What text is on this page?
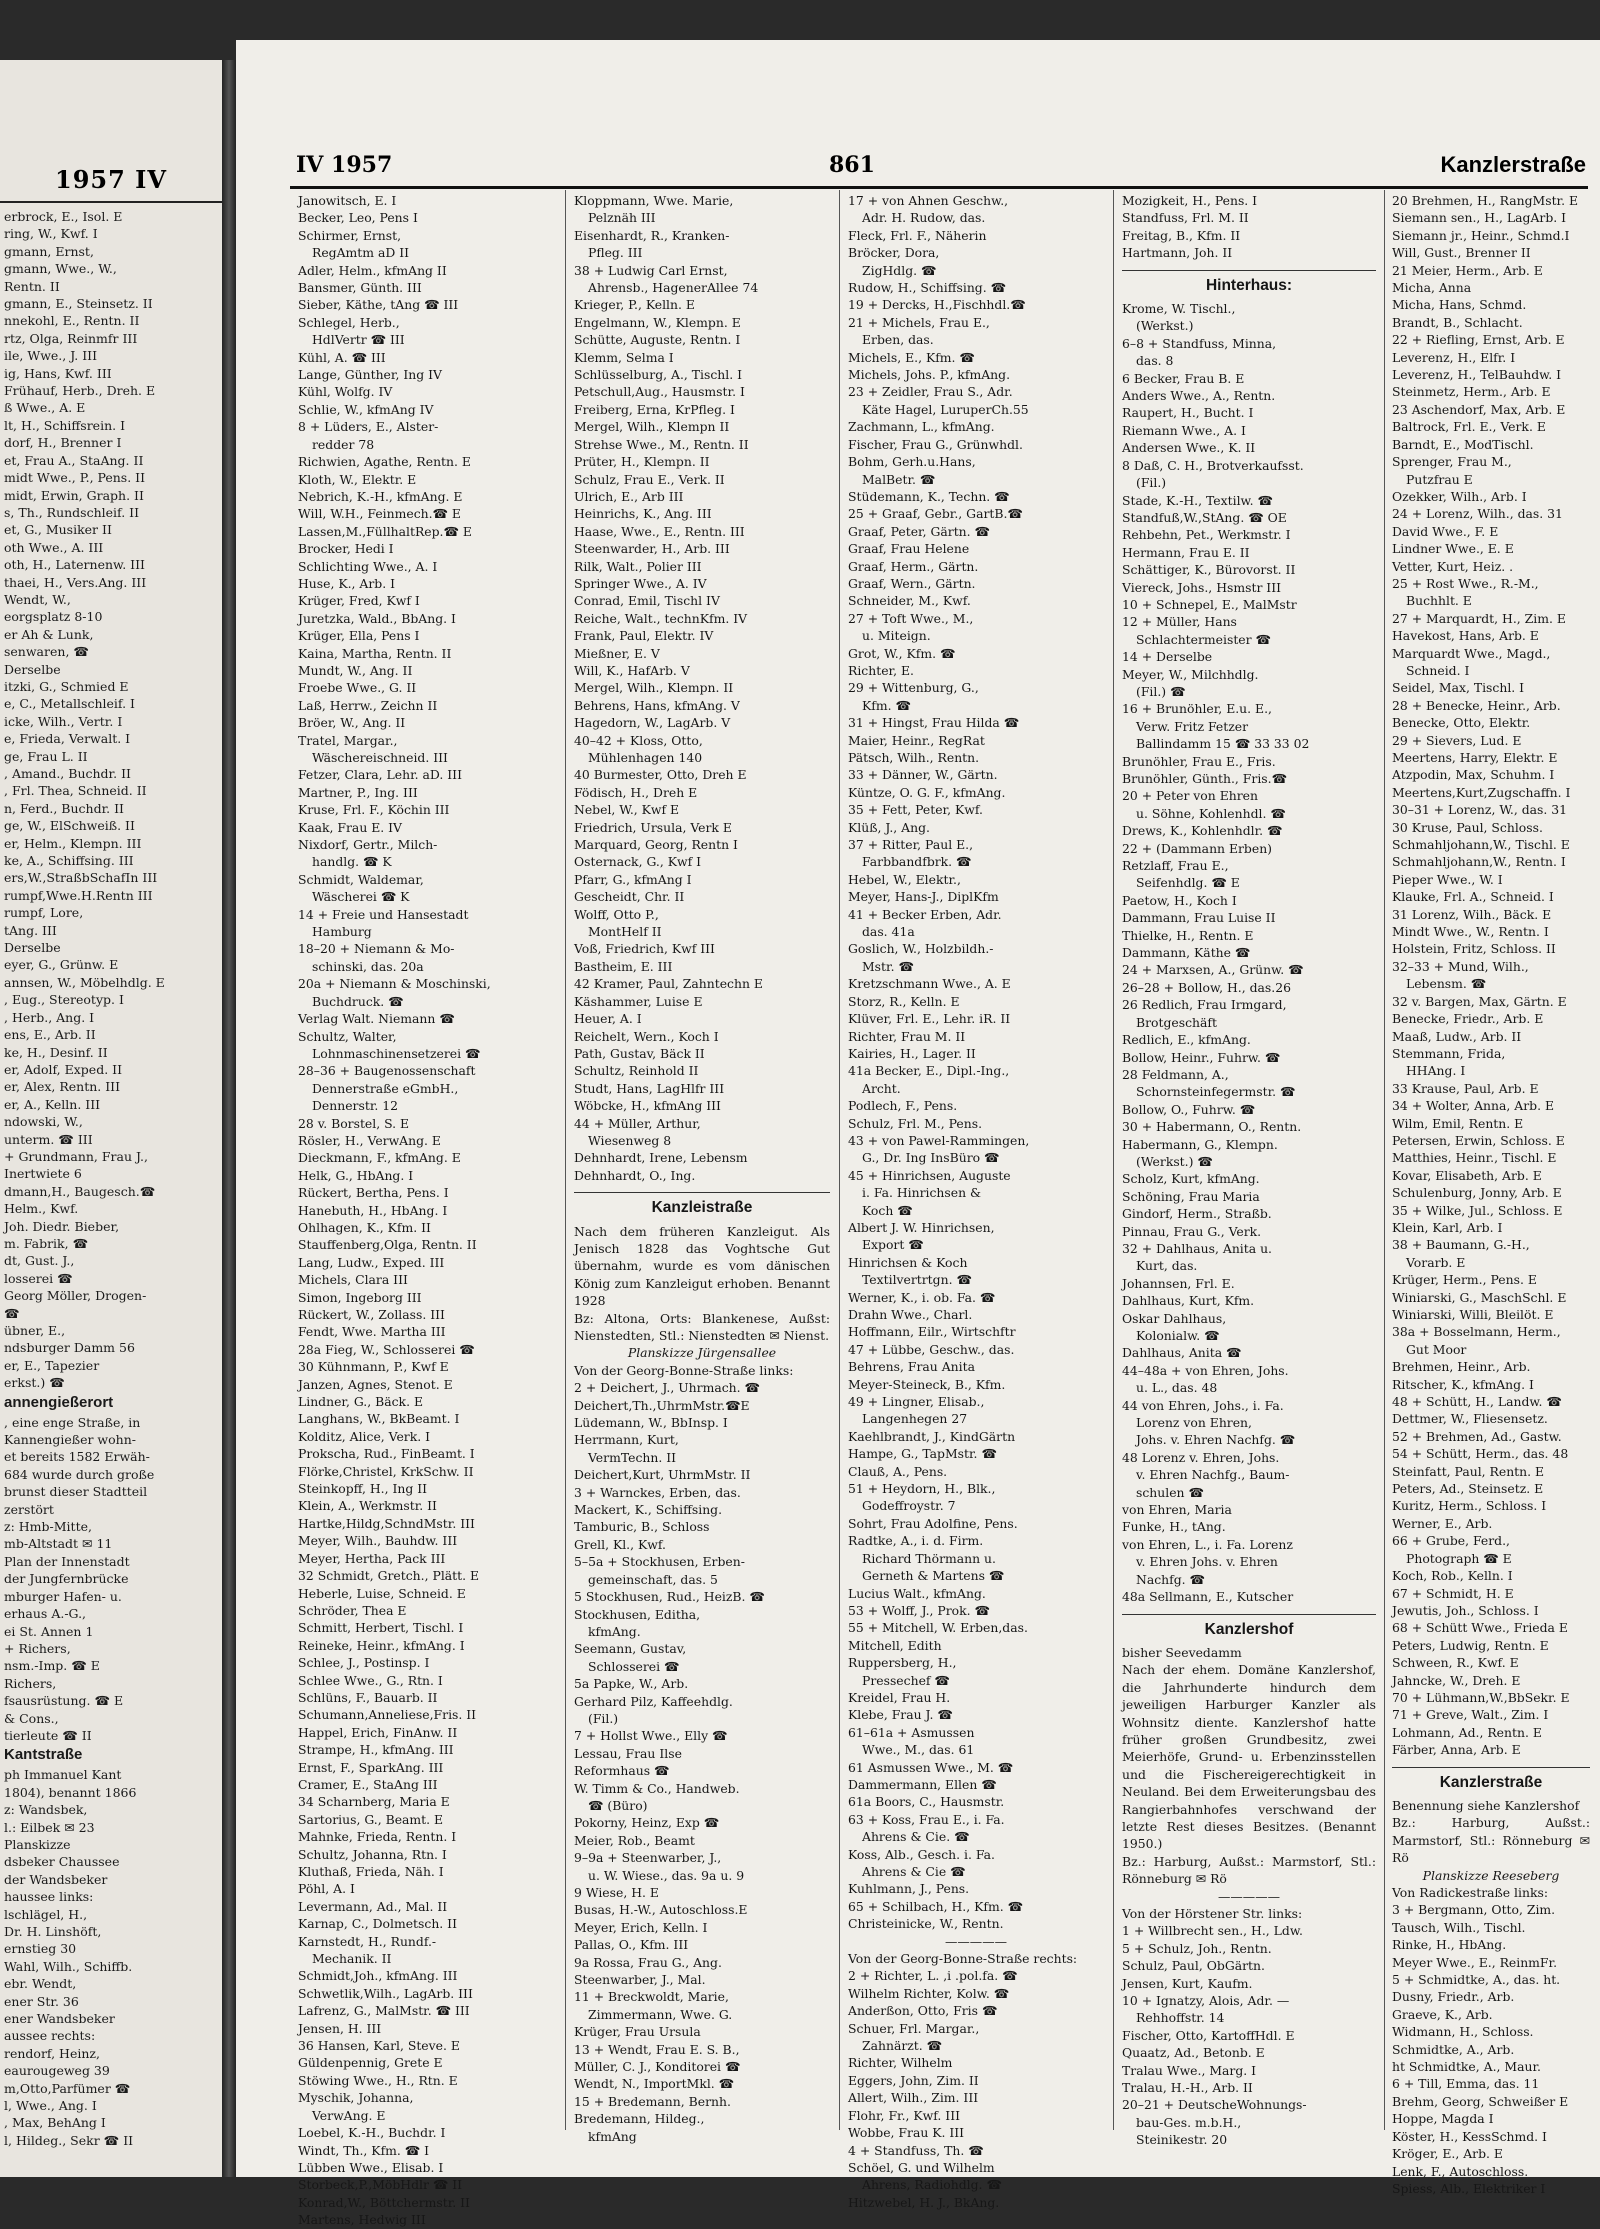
1957 IV
erbrock, E., Isol. E
ring, W., Kwf. I
gmann, Ernst,
gmann, Wwe., W.,
Rentn. II
gmann, E., Steinsetz. II
nnekohl, E., Rentn. II
rtz, Olga, Reinmfr III
ile, Wwe., J. III
ig, Hans, Kwf. III
Frühauf, Herb., Dreh. E
ß Wwe., A. E
lt, H., Schiffsrein. I
dorf, H., Brenner I
et, Frau A., StaAng. II
midt Wwe., P., Pens. II
midt, Erwin, Graph. II
s, Th., Rundschleif. II
et, G., Musiker II
oth Wwe., A. III
oth, H., Laternenw. III
thaei, H., Vers.Ang. III
Wendt, W.,
eorgsplatz 8-10
er Ah & Lunk,
senwaren, ☎
Derselbe
itzki, G., Schmied E
e, C., Metallschleif. I
icke, Wilh., Vertr. I
e, Frieda, Verwalt. I
ge, Frau L. II
, Amand., Buchdr. II
, Frl. Thea, Schneid. II
n, Ferd., Buchdr. II
ge, W., ElSchweiß. II
er, Helm., Klempn. III
ke, A., Schiffsing. III
ers,W.,StraßbSchafIn III
rumpf,Wwe.H.Rentn III
rumpf, Lore,
tAng. III
Derselbe
eyer, G., Grünw. E
annsen, W., Möbelhdlg. E
, Eug., Stereotyp. I
, Herb., Ang. I
ens, E., Arb. II
ke, H., Desinf. II
er, Adolf, Exped. II
er, Alex, Rentn. III
er, A., Kelln. III
ndowski, W.,
unterm. ☎ III
+ Grundmann, Frau J.,
Inertwiete 6
dmann,H., Baugesch.☎
Helm., Kwf.
Joh. Diedr. Bieber,
m. Fabrik, ☎
dt, Gust. J.,
losserei ☎
Georg Möller, Drogen-
☎
übner, E.,
ndsburger Damm 56
er, E., Tapezier
erkst.) ☎
annengießerort
, eine enge Straße, in
Kannengießer wohn-
et bereits 1582 Erwäh-
684 wurde durch große
brunst dieser Stadtteil
zerstört
z: Hmb-Mitte,
mb-Altstadt ✉ 11
Plan der Innenstadt
der Jungfernbrücke
mburger Hafen- u.
erhaus A.-G.,
ei St. Annen 1
+ Richers,
nsm.-Imp. ☎ E
Richers,
fsausrüstung. ☎ E
& Cons.,
tierleute ☎ II
Kantstraße
ph Immanuel Kant
1804), benannt 1866
z: Wandsbek,
l.: Eilbek ✉ 23
Planskizze
dsbeker Chaussee
der Wandsbeker
haussee links:
lschlägel, H.,
Dr. H. Linshöft,
ernstieg 30
Wahl, Wilh., Schiffb.
ebr. Wendt,
ener Str. 36
ener Wandsbeker
aussee rechts:
rendorf, Heinz,
eaurougeweg 39
m,Otto,Parfümer ☎
l, Wwe., Ang. I
, Max, BehAng I
l, Hildeg., Sekr ☎ II
IV 1957	861	Kanzlerstraße
Janowitsch, E. I
Becker, Leo, Pens I
Schirmer, Ernst,
RegAmtm aD II
Adler, Helm., kfmAng II
Bansmer, Günth. III
Sieber, Käthe, tAng ☎ III
Schlegel, Herb.,
HdlVertr ☎ III
Kühl, A. ☎ III
Lange, Günther, Ing IV
Kühl, Wolfg. IV
Schlie, W., kfmAng IV
8 + Lüders, E., Alster-
redder 78
Richwien, Agathe, Rentn. E
Kloth, W., Elektr. E
Nebrich, K.-H., kfmAng. E
Will, W.H., Feinmech.☎ E
Lassen,M.,FüllhaltRep.☎ E
Brocker, Hedi I
Schlichting Wwe., A. I
Huse, K., Arb. I
Krüger, Fred, Kwf I
Juretzka, Wald., BbAng. I
Krüger, Ella, Pens I
Kaina, Martha, Rentn. II
Mundt, W., Ang. II
Froebe Wwe., G. II
Laß, Herrw., Zeichn II
Bröer, W., Ang. II
Tratel, Margar.,
Wäschereischneid. III
Fetzer, Clara, Lehr. aD. III
Martner, P., Ing. III
Kruse, Frl. F., Köchin III
Kaak, Frau E. IV
Nixdorf, Gertr., Milch-
handlg. ☎ K
Schmidt, Waldemar,
Wäscherei ☎ K
14 + Freie und Hansestadt
Hamburg
18–20 + Niemann & Mo-
schinski, das. 20a
20a + Niemann & Moschinski,
Buchdruck. ☎
Verlag Walt. Niemann ☎
Schultz, Walter,
Lohnmaschinensetzerei ☎
28–36 + Baugenossenschaft
Dennerstraße eGmbH.,
Dennerstr. 12
28 v. Borstel, S. E
Rösler, H., VerwAng. E
Dieckmann, F., kfmAng. E
Helk, G., HbAng. I
Rückert, Bertha, Pens. I
Hanebuth, H., HbAng. I
Ohlhagen, K., Kfm. II
Stauffenberg,Olga, Rentn. II
Lang, Ludw., Exped. III
Michels, Clara III
Simon, Ingeborg III
Rückert, W., Zollass. III
Fendt, Wwe. Martha III
28a Fieg, W., Schlosserei ☎
30 Kühnmann, P., Kwf E
Janzen, Agnes, Stenot. E
Lindner, G., Bäck. E
Langhans, W., BkBeamt. I
Kolditz, Alice, Verk. I
Prokscha, Rud., FinBeamt. I
Flörke,Christel, KrkSchw. II
Steinkopff, H., Ing II
Klein, A., Werkmstr. II
Hartke,Hildg,SchndMstr. III
Meyer, Wilh., Bauhdw. III
Meyer, Hertha, Pack III
32 Schmidt, Gretch., Plätt. E
Heberle, Luise, Schneid. E
Schröder, Thea E
Schmitt, Herbert, Tischl. I
Reineke, Heinr., kfmAng. I
Schlee, J., Postinsp. I
Schlee Wwe., G., Rtn. I
Schlüns, F., Bauarb. II
Schumann,Anneliese,Fris. II
Happel, Erich, FinAnw. II
Strampe, H., kfmAng. III
Ernst, F., SparkAng. III
Cramer, E., StaAng III
34 Scharnberg, Maria E
Sartorius, G., Beamt. E
Mahnke, Frieda, Rentn. I
Schultz, Johanna, Rtn. I
Kluthaß, Frieda, Näh. I
Pöhl, A. I
Levermann, Ad., Mal. II
Karnap, C., Dolmetsch. II
Karnstedt, H., Rundf.-
Mechanik. II
Schmidt,Joh., kfmAng. III
Schwetlik,Wilh., LagArb. III
Lafrenz, G., MalMstr. ☎ III
Jensen, H. III
36 Hansen, Karl, Steve. E
Güldenpennig, Grete E
Stöwing Wwe., H., Rtn. E
Myschik, Johanna,
VerwAng. E
Loebel, K.-H., Buchdr. I
Windt, Th., Kfm. ☎ I
Lübben Wwe., Elisab. I
Storbeck,P.,MöbHdlr ☎ II
Konrad,W., Böttchermstr. II
Martens, Hedwig III
Kloppmann, Wwe. Marie,
Pelznäh III
Eisenhardt, R., Kranken-
Pfleg. III
38 + Ludwig Carl Ernst,
Ahrensb., HagenerAllee 74
Krieger, P., Kelln. E
Engelmann, W., Klempn. E
Schütte, Auguste, Rentn. I
Klemm, Selma I
Schlüsselburg, A., Tischl. I
Petschull,Aug., Hausmstr. I
Freiberg, Erna, KrPfleg. I
Mergel, Wilh., Klempn II
Strehse Wwe., M., Rentn. II
Prüter, H., Klempn. II
Schulz, Frau E., Verk. II
Ulrich, E., Arb III
Heinrichs, K., Ang. III
Haase, Wwe., E., Rentn. III
Steenwarder, H., Arb. III
Rilk, Walt., Polier III
Springer Wwe., A. IV
Conrad, Emil, Tischl IV
Reiche, Walt., technKfm. IV
Frank, Paul, Elektr. IV
Mießner, E. V
Will, K., HafArb. V
Mergel, Wilh., Klempn. II
Behrens, Hans, kfmAng. V
Hagedorn, W., LagArb. V
40–42 + Kloss, Otto,
Mühlenhagen 140
40 Burmester, Otto, Dreh E
Födisch, H., Dreh E
Nebel, W., Kwf E
Friedrich, Ursula, Verk E
Marquard, Georg, Rentn I
Osternack, G., Kwf I
Pfarr, G., kfmAng I
Gescheidt, Chr. II
Wolff, Otto P.,
MontHelf II
Voß, Friedrich, Kwf III
Bastheim, E. III
42 Kramer, Paul, Zahntechn E
Käshammer, Luise E
Heuer, A. I
Reichelt, Wern., Koch I
Path, Gustav, Bäck II
Schultz, Reinhold II
Studt, Hans, LagHlfr III
Wöbcke, H., kfmAng III
44 + Müller, Arthur,
Wiesenweg 8
Dehnhardt, Irene, Lebensm
Dehnhardt, O., Ing.
Kanzleistraße
Nach dem früheren Kanzleigut. Als Jenisch 1828 das Voghtsche Gut übernahm, wurde es vom dänischen König zum Kanzleigut erhoben. Benannt 1928
Bz: Altona, Orts: Blankenese, Außst: Nienstedten, Stl.: Nienstedten ✉ Nienst.
Planskizze Jürgensallee
Von der Georg-Bonne-Straße links:
2 + Deichert, J., Uhrmach. ☎
Deichert,Th.,UhrmMstr.☎E
Lüdemann, W., BbInsp. I
Herrmann, Kurt,
VermTechn. II
Deichert,Kurt, UhrmMstr. II
3 + Warnckes, Erben, das.
Mackert, K., Schiffsing.
Tamburic, B., Schloss
Grell, Kl., Kwf.
5–5a + Stockhusen, Erben-
gemeinschaft, das. 5
5 Stockhusen, Rud., HeizB. ☎
Stockhusen, Editha,
kfmAng.
Seemann, Gustav,
Schlosserei ☎
5a Papke, W., Arb.
Gerhard Pilz, Kaffeehdlg.
(Fil.)
7 + Hollst Wwe., Elly ☎
Lessau, Frau Ilse
Reformhaus ☎
W. Timm & Co., Handweb.
☎ (Büro)
Pokorny, Heinz, Exp ☎
Meier, Rob., Beamt
9–9a + Steenwarber, J.,
u. W. Wiese., das. 9a u. 9
9 Wiese, H. E
Busas, H.-W., Autoschloss.E
Meyer, Erich, Kelln. I
Pallas, O., Kfm. III
9a Rossa, Frau G., Ang.
Steenwarber, J., Mal.
11 + Breckwoldt, Marie,
Zimmermann, Wwe. G.
Krüger, Frau Ursula
13 + Wendt, Frau E. S. B.,
Müller, C. J., Konditorei ☎
Wendt, N., ImportMkl. ☎
15 + Bredemann, Bernh.
Bredemann, Hildeg.,
kfmAng
17 + von Ahnen Geschw.,
Adr. H. Rudow, das.
Fleck, Frl. F., Näherin
Bröcker, Dora,
ZigHdlg. ☎
Rudow, H., Schiffsing. ☎
19 + Dercks, H.,Fischhdl.☎
21 + Michels, Frau E.,
Erben, das.
Michels, E., Kfm. ☎
Michels, Johs. P., kfmAng.
23 + Zeidler, Frau S., Adr.
Käte Hagel, LuruperCh.55
Zachmann, L., kfmAng.
Fischer, Frau G., Grünwhdl.
Bohm, Gerh.u.Hans,
MalBetr. ☎
Stüdemann, K., Techn. ☎
25 + Graaf, Gebr., GartB.☎
Graaf, Peter, Gärtn. ☎
Graaf, Frau Helene
Graaf, Herm., Gärtn.
Graaf, Wern., Gärtn.
Schneider, M., Kwf.
27 + Toft Wwe., M.,
u. Miteign.
Grot, W., Kfm. ☎
Richter, E.
29 + Wittenburg, G.,
Kfm. ☎
31 + Hingst, Frau Hilda ☎
Maier, Heinr., RegRat
Pätsch, Wilh., Rentn.
33 + Dänner, W., Gärtn.
Küntze, O. G. F., kfmAng.
35 + Fett, Peter, Kwf.
Klüß, J., Ang.
37 + Ritter, Paul E.,
Farbbandfbrk. ☎
Hebel, W., Elektr.,
Meyer, Hans-J., DiplKfm
41 + Becker Erben, Adr.
das. 41a
Goslich, W., Holzbildh.-
Mstr. ☎
Kretzschmann Wwe., A. E
Storz, R., Kelln. E
Klüver, Frl. E., Lehr. iR. II
Richter, Frau M. II
Kairies, H., Lager. II
41a Becker, E., Dipl.-Ing.,
Archt.
Podlech, F., Pens.
Schulz, Frl. M., Pens.
43 + von Pawel-Rammingen,
G., Dr. Ing InsBüro ☎
45 + Hinrichsen, Auguste
i. Fa. Hinrichsen &
Koch ☎
Albert J. W. Hinrichsen,
Export ☎
Hinrichsen & Koch
Textilvertrtgn. ☎
Werner, K., i. ob. Fa. ☎
Drahn Wwe., Charl.
Hoffmann, Eilr., Wirtschftr
47 + Lübbe, Geschw., das.
Behrens, Frau Anita
Meyer-Steineck, B., Kfm.
49 + Lingner, Elisab.,
Langenhegen 27
Kaehlbrandt, J., KindGärtn
Hampe, G., TapMstr. ☎
Clauß, A., Pens.
51 + Heydorn, H., Blk.,
Godeffroystr. 7
Sohrt, Frau Adolfine, Pens.
Radtke, A., i. d. Firm.
Richard Thörmann u.
Gerneth & Martens ☎
Lucius Walt., kfmAng.
53 + Wolff, J., Prok. ☎
55 + Mitchell, W. Erben,das.
Mitchell, Edith
Ruppersberg, H.,
Pressechef ☎
Kreidel, Frau H.
Klebe, Frau J. ☎
61–61a + Asmussen
Wwe., M., das. 61
61 Asmussen Wwe., M. ☎
Dammermann, Ellen ☎
61a Boors, C., Hausmstr.
63 + Koss, Frau E., i. Fa.
Ahrens & Cie. ☎
Koss, Alb., Gesch. i. Fa.
Ahrens & Cie ☎
Kuhlmann, J., Pens.
65 + Schilbach, H., Kfm. ☎
Christeinicke, W., Rentn.
—————
Von der Georg-Bonne-Straße rechts:
2 + Richter, L. ,i .pol.fa. ☎
Wilhelm Richter, Kolw. ☎
Anderßon, Otto, Fris ☎
Schuer, Frl. Margar.,
Zahnärzt. ☎
Richter, Wilhelm
Eggers, John, Zim. II
Allert, Wilh., Zim. III
Flohr, Fr., Kwf. III
Wobbe, Frau K. III
4 + Standfuss, Th. ☎
Schöel, G. und Wilhelm
Ahrens, Radiohdlg. ☎
Hitzwebel, H. J., BkAng.
Mozigkeit, H., Pens. I
Standfuss, Frl. M. II
Freitag, B., Kfm. II
Hartmann, Joh. II
Hinterhaus:
Krome, W. Tischl.,
(Werkst.)
6–8 + Standfuss, Minna,
das. 8
6 Becker, Frau B. E
Anders Wwe., A., Rentn.
Raupert, H., Bucht. I
Riemann Wwe., A. I
Andersen Wwe., K. II
8 Daß, C. H., Brotverkaufsst.
(Fil.)
Stade, K.-H., Textilw. ☎
Standfuß,W.,StAng. ☎ OE
Rehbehn, Pet., Werkmstr. I
Hermann, Frau E. II
Schättiger, K., Bürovorst. II
Viereck, Johs., Hsmstr III
10 + Schnepel, E., MalMstr
12 + Müller, Hans
Schlachtermeister ☎
14 + Derselbe
Meyer, W., Milchhdlg.
(Fil.) ☎
16 + Brunöhler, E.u. E.,
Verw. Fritz Fetzer
Ballindamm 15 ☎ 33 33 02
Brunöhler, Frau E., Fris.
Brunöhler, Günth., Fris.☎
20 + Peter von Ehren
u. Söhne, Kohlenhdl. ☎
Drews, K., Kohlenhdlr. ☎
22 + (Dammann Erben)
Retzlaff, Frau E.,
Seifenhdlg. ☎ E
Paetow, H., Koch I
Dammann, Frau Luise II
Thielke, H., Rentn. E
Dammann, Käthe ☎
24 + Marxsen, A., Grünw. ☎
26–28 + Bollow, H., das.26
26 Redlich, Frau Irmgard,
Brotgeschäft
Redlich, E., kfmAng.
Bollow, Heinr., Fuhrw. ☎
28 Feldmann, A.,
Schornsteinfegermstr. ☎
Bollow, O., Fuhrw. ☎
30 + Habermann, O., Rentn.
Habermann, G., Klempn.
(Werkst.) ☎
Scholz, Kurt, kfmAng.
Schöning, Frau Maria
Gindorf, Herm., Straßb.
Pinnau, Frau G., Verk.
32 + Dahlhaus, Anita u.
Kurt, das.
Johannsen, Frl. E.
Dahlhaus, Kurt, Kfm.
Oskar Dahlhaus,
Kolonialw. ☎
Dahlhaus, Anita ☎
44–48a + von Ehren, Johs.
u. L., das. 48
44 von Ehren, Johs., i. Fa.
Lorenz von Ehren,
Johs. v. Ehren Nachfg. ☎
48 Lorenz v. Ehren, Johs.
v. Ehren Nachfg., Baum-
schulen ☎
von Ehren, Maria
Funke, H., tAng.
von Ehren, L., i. Fa. Lorenz
v. Ehren Johs. v. Ehren
Nachfg. ☎
48a Sellmann, E., Kutscher
Kanzlershof
bisher Seevedamm
Nach der ehem. Domäne Kanzlershof, die Jahrhunderte hindurch dem jeweiligen Harburger Kanzler als Wohnsitz diente. Kanzlershof hatte früher großen Grundbesitz, zwei Meierhöfe, Grund- u. Erbenzinsstellen und die Fischereigerechtigkeit in Neuland. Bei dem Erweiterungsbau des Rangierbahnhofes verschwand der letzte Rest dieses Besitzes. (Benannt 1950.)
Bz.: Harburg, Außst.: Marmstorf, Stl.: Rönneburg ✉ Rö
—————
Von der Hörstener Str. links:
1 + Willbrecht sen., H., Ldw.
5 + Schulz, Joh., Rentn.
Schulz, Paul, ObGärtn.
Jensen, Kurt, Kaufm.
10 + Ignatzy, Alois, Adr. —
Rehhoffstr. 14
Fischer, Otto, KartoffHdl. E
Quaatz, Ad., Betonb. E
Tralau Wwe., Marg. I
Tralau, H.-H., Arb. II
20–21 + DeutscheWohnungs-
bau-Ges. m.b.H.,
Steinikestr. 20
20 Brehmen, H., RangMstr. E
Siemann sen., H., LagArb. I
Siemann jr., Heinr., Schmd.I
Will, Gust., Brenner II
21 Meier, Herm., Arb. E
Micha, Anna
Micha, Hans, Schmd.
Brandt, B., Schlacht.
22 + Riefling, Ernst, Arb. E
Leverenz, H., Elfr. I
Leverenz, H., TelBauhdw. I
Steinmetz, Herm., Arb. E
23 Aschendorf, Max, Arb. E
Baltrock, Frl. E., Verk. E
Barndt, E., ModTischl.
Sprenger, Frau M.,
Putzfrau E
Ozekker, Wilh., Arb. I
24 + Lorenz, Wilh., das. 31
David Wwe., F. E
Lindner Wwe., E. E
Vetter, Kurt, Heiz. .
25 + Rost Wwe., R.-M.,
Buchhlt. E
27 + Marquardt, H., Zim. E
Havekost, Hans, Arb. E
Marquardt Wwe., Magd.,
Schneid. I
Seidel, Max, Tischl. I
28 + Benecke, Heinr., Arb.
Benecke, Otto, Elektr.
29 + Sievers, Lud. E
Meertens, Harry, Elektr. E
Atzpodin, Max, Schuhm. I
Meertens,Kurt,Zugschaffn. I
30–31 + Lorenz, W., das. 31
30 Kruse, Paul, Schloss.
Schmahljohann,W., Tischl. E
Schmahljohann,W., Rentn. I
Pieper Wwe., W. I
Klauke, Frl. A., Schneid. I
31 Lorenz, Wilh., Bäck. E
Mindt Wwe., W., Rentn. I
Holstein, Fritz, Schloss. II
32–33 + Mund, Wilh.,
Lebensm. ☎
32 v. Bargen, Max, Gärtn. E
Benecke, Friedr., Arb. E
Maaß, Ludw., Arb. II
Stemmann, Frida,
HHAng. I
33 Krause, Paul, Arb. E
34 + Wolter, Anna, Arb. E
Wilm, Emil, Rentn. E
Petersen, Erwin, Schloss. E
Matthies, Heinr., Tischl. E
Kovar, Elisabeth, Arb. E
Schulenburg, Jonny, Arb. E
35 + Wilke, Jul., Schloss. E
Klein, Karl, Arb. I
38 + Baumann, G.-H.,
Vorarb. E
Krüger, Herm., Pens. E
Winiarski, G., MaschSchl. E
Winiarski, Willi, Bleilöt. E
38a + Bosselmann, Herm.,
Gut Moor
Brehmen, Heinr., Arb.
Ritscher, K., kfmAng. I
48 + Schütt, H., Landw. ☎
Dettmer, W., Fliesensetz.
52 + Brehmen, Ad., Gastw.
54 + Schütt, Herm., das. 48
Steinfatt, Paul, Rentn. E
Peters, Ad., Steinsetz. E
Kuritz, Herm., Schloss. I
Werner, E., Arb.
66 + Grube, Ferd.,
Photograph ☎ E
Koch, Rob., Kelln. I
67 + Schmidt, H. E
Jewutis, Joh., Schloss. I
68 + Schütt Wwe., Frieda E
Peters, Ludwig, Rentn. E
Schween, R., Kwf. E
Jahncke, W., Dreh. E
70 + Lühmann,W.,BbSekr. E
71 + Greve, Walt., Zim. I
Lohmann, Ad., Rentn. E
Färber, Anna, Arb. E
Kanzlerstraße
Benennung siehe Kanzlershof
Bz.: Harburg, Außst.: Marmstorf, Stl.: Rönneburg ✉ Rö
Planskizze Reeseberg
Von Radickestraße links:
3 + Bergmann, Otto, Zim.
Tausch, Wilh., Tischl.
Rinke, H., HbAng.
Meyer Wwe., E., ReinmFr.
5 + Schmidtke, A., das. ht.
Dusny, Friedr., Arb.
Graeve, K., Arb.
Widmann, H., Schloss.
Schmidtke, A., Arb.
ht Schmidtke, A., Maur.
6 + Till, Emma, das. 11
Brehm, Georg, Schweißer E
Hoppe, Magda I
Köster, H., KessSchmd. I
Kröger, E., Arb. E
Lenk, F., Autoschloss.
Spiess, Alb., Elektriker I
